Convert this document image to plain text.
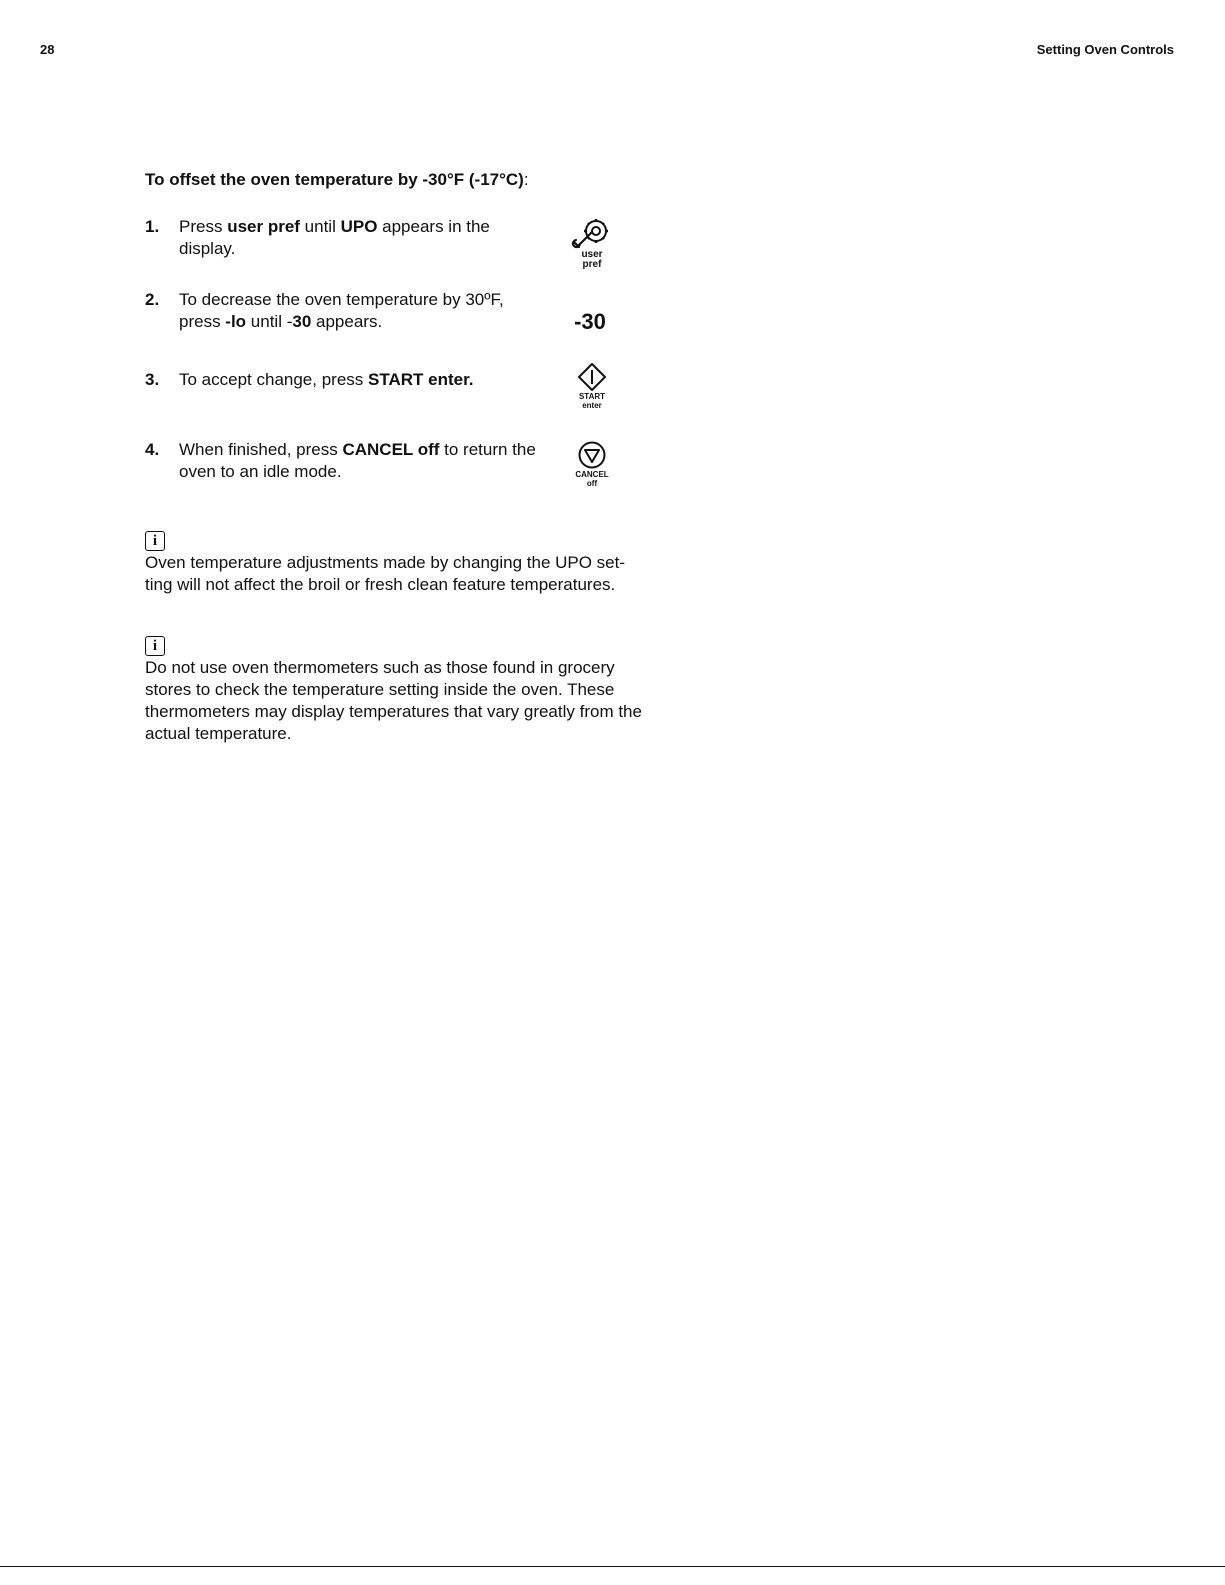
28	Setting Oven Controls
To offset the oven temperature by -30°F (-17°C):
1. Press user pref until UPO appears in the display.
2. To decrease the oven temperature by 30ºF, press -lo until -30 appears.
3. To accept change, press START enter.
4. When finished, press CANCEL off to return the oven to an idle mode.
user
pref
-30
START
enter
CANCEL
off
i
Oven temperature adjustments made by changing the UPO set-ting will not affect the broil or fresh clean feature temperatures.
i
Do not use oven thermometers such as those found in grocery stores to check the temperature setting inside the oven. These thermometers may display temperatures that vary greatly from the actual temperature.
